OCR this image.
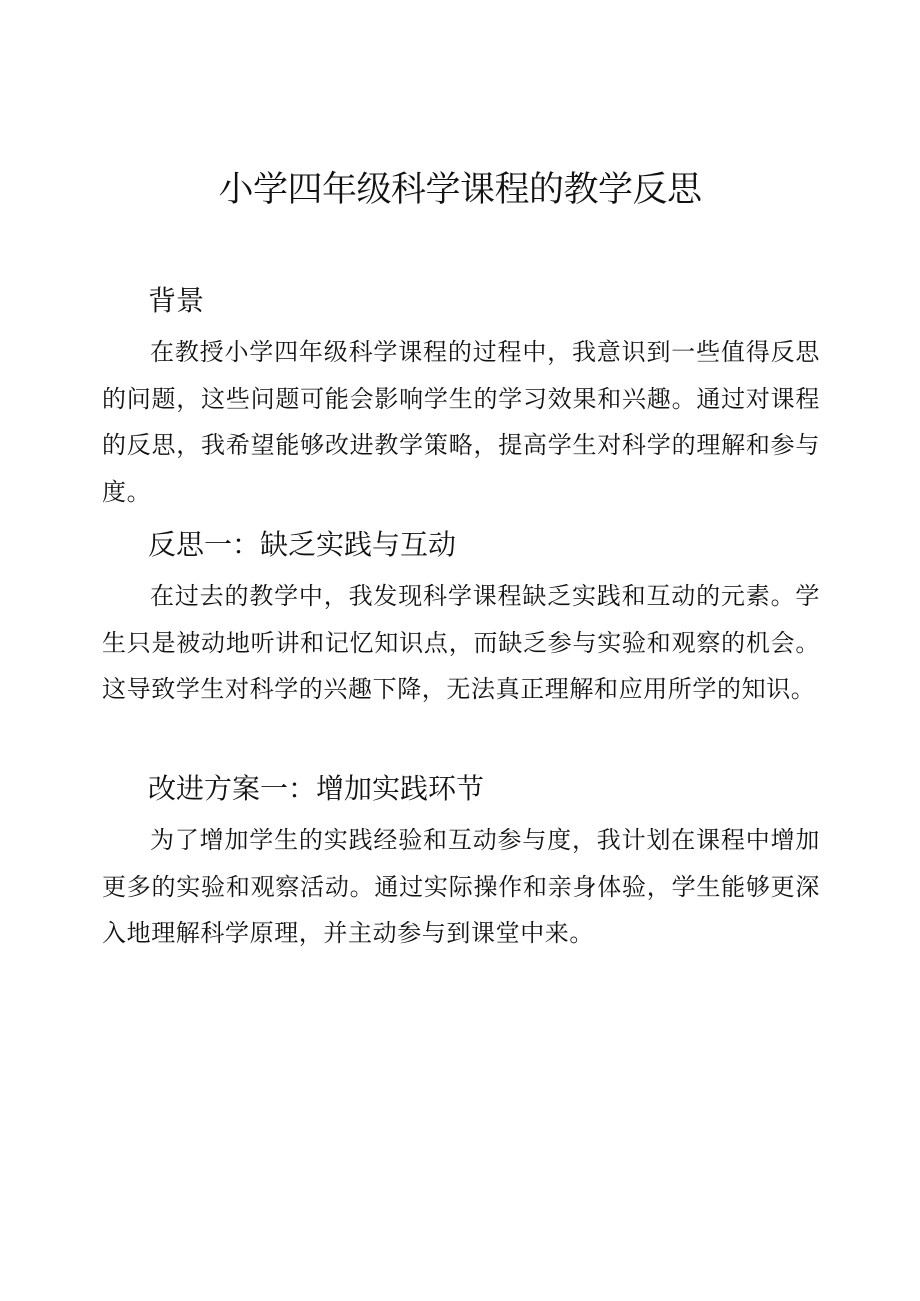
小学四年级科学课程的教学反思
背景

在教授小学四年级科学课程的过程中，我意识到一些值得反思的问题，这些问题可能会影响学生的学习效果和兴趣。通过对课程的反思，我希望能够改进教学策略，提高学生对科学的理解和参与度。

反思一：缺乏实践与互动

在过去的教学中，我发现科学课程缺乏实践和互动的元素。学生只是被动地听讲和记忆知识点，而缺乏参与实验和观察的机会。这导致学生对科学的兴趣下降，无法真正理解和应用所学的知识。

改进方案一：增加实践环节

为了增加学生的实践经验和互动参与度，我计划在课程中增加更多的实验和观察活动。通过实际操作和亲身体验，学生能够更深入地理解科学原理，并主动参与到课堂中来。
